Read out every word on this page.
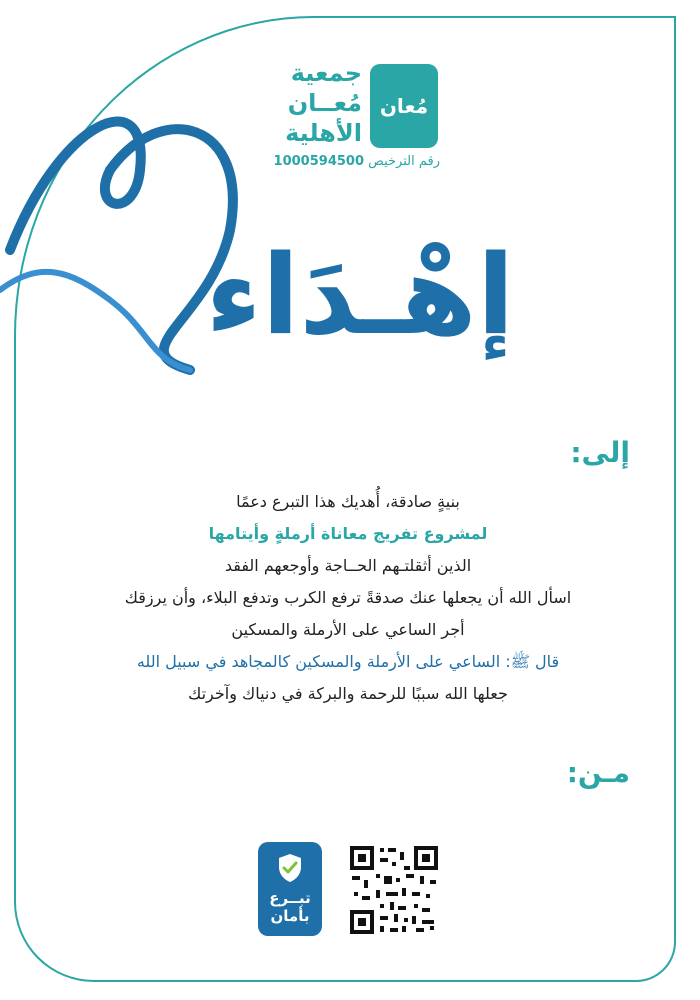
مُعان
جمعية
مُعــان
الأهلية
1000594500 رقم الترخيص
إهْـدَاء
إلى:
بنيةٍ صادقة، أُهديك هذا التبرع دعمًا
لمشروع تفريج معاناة أرملةٍ وأيتامها
الذين أثقلتـهم الحــاجة وأوجعهم الفقد
اسأل الله أن يجعلها عنك صدقةً ترفع الكرب وتدفع البلاء، وأن يرزقك
أجر الساعي على الأرملة والمسكين
قال ﷺ: الساعي على الأرملة والمسكين كالمجاهد في سبيل الله
جعلها الله سببًا للرحمة والبركة في دنياك وآخرتك
مـن:
تبــرع
بأمان
